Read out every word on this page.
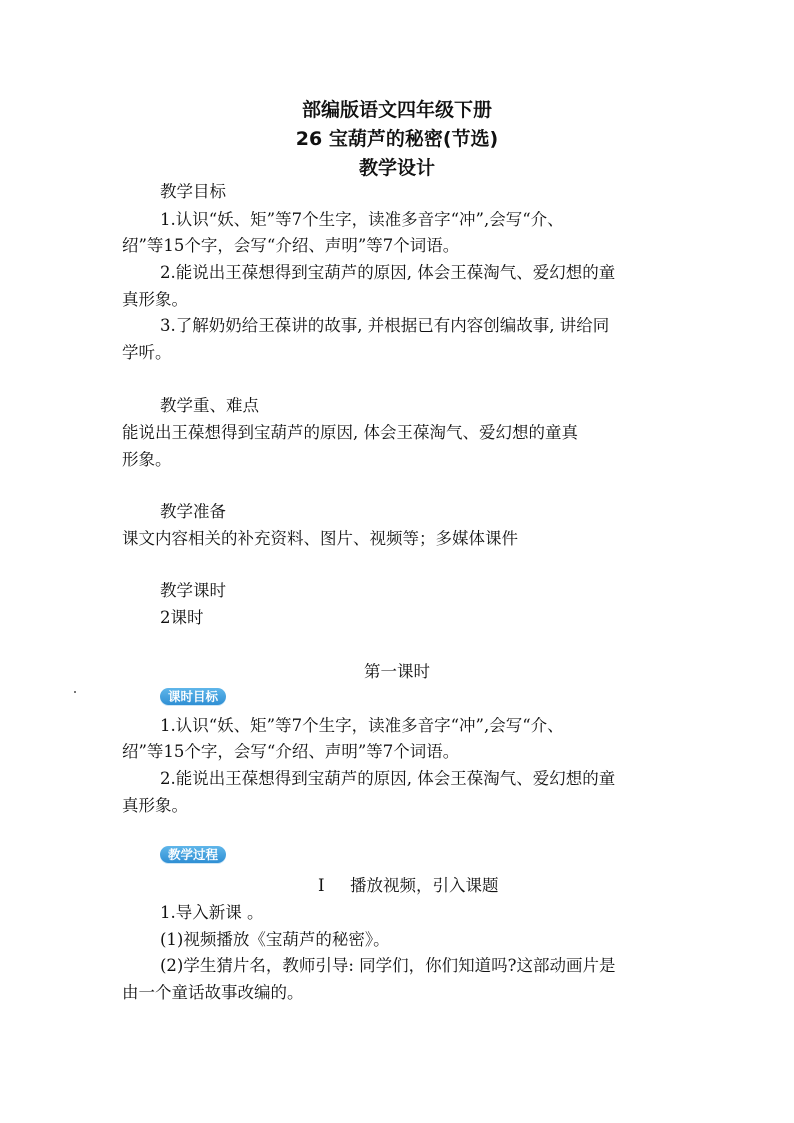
部编版语文四年级下册
26 宝葫芦的秘密(节选)
教学设计
教学目标
1.认识“妖、矩”等7个生字，读准多音字“冲”,会写“介、
绍”等15个字，会写“介绍、声明”等7个词语。
2.能说出王葆想得到宝葫芦的原因, 体会王葆淘气、爱幻想的童
真形象。
3.了解奶奶给王葆讲的故事, 并根据已有内容创编故事, 讲给同
学听。
教学重、难点
能说出王葆想得到宝葫芦的原因, 体会王葆淘气、爱幻想的童真
形象。
教学准备
课文内容相关的补充资料、图片、视频等；多媒体课件
教学课时
2课时
第一课时
课时目标
1.认识“妖、矩”等7个生字，读准多音字“冲”,会写“介、
绍”等15个字，会写“介绍、声明”等7个词语。
2.能说出王葆想得到宝葫芦的原因, 体会王葆淘气、爱幻想的童
真形象。
教学过程
Ⅰ 播放视频，引入课题
1.导入新课 。
(1)视频播放《宝葫芦的秘密》。
(2)学生猜片名，教师引导: 同学们，你们知道吗?这部动画片是
由一个童话故事改编的。
